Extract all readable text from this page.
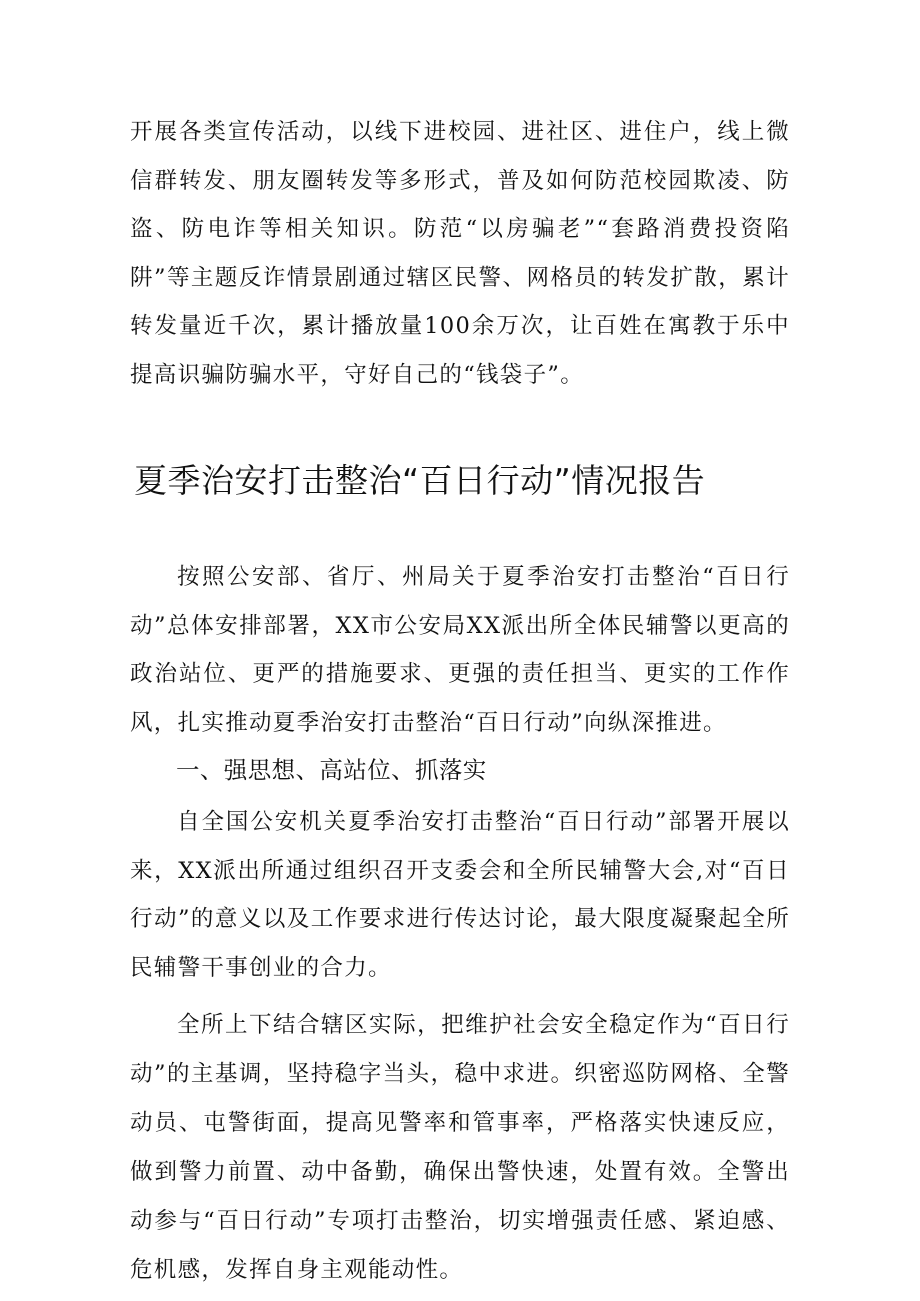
开展各类宣传活动，以线下进校园、进社区、进住户，线上微信群转发、朋友圈转发等多形式，普及如何防范校园欺凌、防盗、防电诈等相关知识。防范“以房骗老”“套路消费投资陷阱”等主题反诈情景剧通过辖区民警、网格员的转发扩散，累计转发量近千次，累计播放量100余万次，让百姓在寓教于乐中提高识骗防骗水平，守好自己的“钱袋子”。

夏季治安打击整治“百日行动”情况报告

按照公安部、省厅、州局关于夏季治安打击整治“百日行动”总体安排部署，XX市公安局XX派出所全体民辅警以更高的政治站位、更严的措施要求、更强的责任担当、更实的工作作风，扎实推动夏季治安打击整治“百日行动”向纵深推进。

一、强思想、高站位、抓落实

自全国公安机关夏季治安打击整治“百日行动”部署开展以来，XX派出所通过组织召开支委会和全所民辅警大会,对“百日行动”的意义以及工作要求进行传达讨论，最大限度凝聚起全所民辅警干事创业的合力。

全所上下结合辖区实际，把维护社会安全稳定作为“百日行动”的主基调，坚持稳字当头，稳中求进。织密巡防网格、全警动员、屯警街面，提高见警率和管事率，严格落实快速反应，做到警力前置、动中备勤，确保出警快速，处置有效。全警出动参与“百日行动”专项打击整治，切实增强责任感、紧迫感、危机感，发挥自身主观能动性。
